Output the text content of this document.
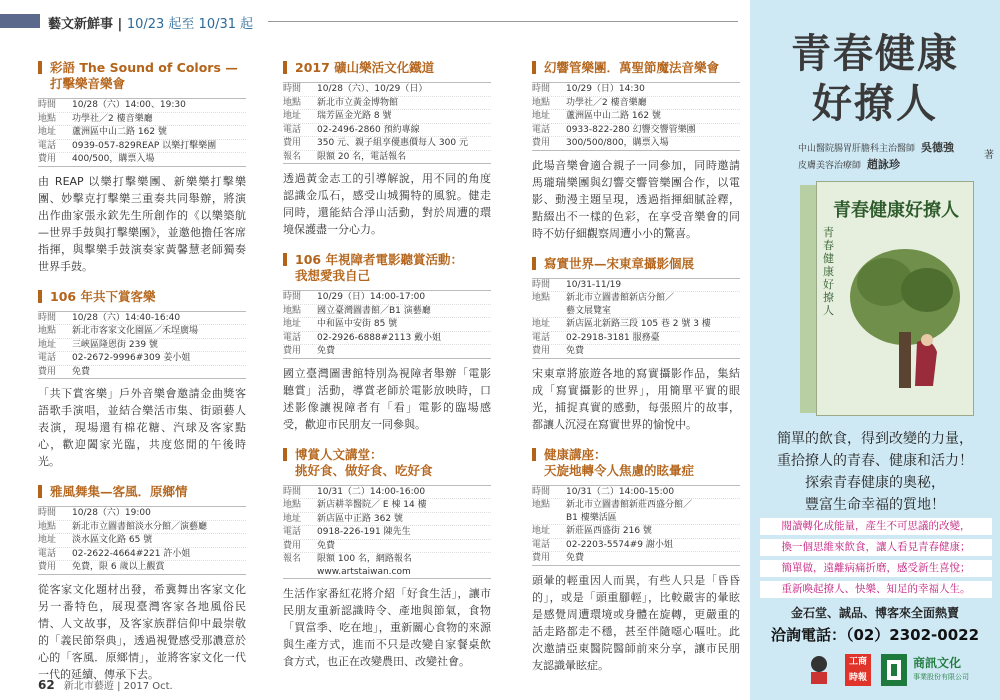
藝文新鮮事 | 10/23 起至 10/31 起
彩語 The Sound of Colors —
打擊樂音樂會
時間	10/28（六）14:00、19:30
地點	功學社／2 樓音樂廳
地址	蘆洲區中山二路 162 號
電話	0939-057-829REAP 以樂打擊樂團
費用	400/500，購票入場
由 REAP 以樂打擊樂團、新樂樂打擊樂團、妙擊克打擊樂三重奏共同舉辦，將演出作曲家張永欽先生所創作的《以樂築航—世界手鼓與打擊樂團》，並邀他擔任客席指揮，與擊樂手鼓演奏家黃馨慧老師獨奏世界手鼓。
106 年共下賞客樂
時間	10/28（六）14:40-16:40
地點	新北市客家文化園區／禾埕廣場
地址	三峽區隆恩街 239 號
電話	02-2672-9996#309 姜小姐
費用	免費
「共下賞客樂」戶外音樂會邀請金曲獎客語歌手演唱，並結合樂活市集、街頭藝人表演，現場還有棉花糖、汽球及客家點心，歡迎闔家光臨，共度悠閒的午後時光。
雅風舞集—客風．原鄉情
時間	10/28（六）19:00
地點	新北市立圖書館淡水分館／演藝廳
地址	淡水區文化路 65 號
電話	02-2622-4664#221 許小姐
費用	免費，限 6 歲以上觀賞
從客家文化題材出發，希冀舞出客家文化另一番特色，展現臺灣客家各地風俗民情、人文故事，及客家族群信仰中最崇敬的「義民節祭典」，透過視覺感受那濃意於心的「客風．原鄉情」，並將客家文化一代一代的延續、傳承下去。
2017 礦山樂活文化鐵道
時間	10/28（六）、10/29（日）
地點	新北市立黃金博物館
地址	瑞芳區金光路 8 號
電話	02-2496-2860 預約專線
費用	350 元、親子組享優惠價每人 300 元
報名	限額 20 名，電話報名
透過黃金志工的引導解說，用不同的角度認識金瓜石，感受山城獨特的風貌。健走同時，還能結合淨山活動，對於周遭的環境保護盡一分心力。
106 年視障者電影聽賞活動：
我想愛我自己
時間	10/29（日）14:00-17:00
地點	國立臺灣圖書館／B1 演藝廳
地址	中和區中安街 85 號
電話	02-2926-6888#2113 戴小姐
費用	免費
國立臺灣圖書館特別為視障者舉辦「電影聽賞」活動，導賞老師於電影放映時，口述影像讓視障者有「看」電影的臨場感受，歡迎市民朋友一同參與。
博賞人文講堂：
挑好食、做好食、吃好食
時間	10/31（二）14:00-16:00
地點	新店耕莘醫院／ E 棟 14 樓
地址	新店區中正路 362 號
電話	0918-226-191 陳先生
費用	免費
報名	限額 100 名，網路報名
www.artstaiwan.com
生活作家番紅花將介紹「好食生活」，讓市民朋友重新認識時令、產地與節氣，食物「買當季、吃在地」，重新關心食物的來源與生產方式，進而不只是改變自家餐桌飲食方式，也正在改變農田、改變社會。
幻響管樂團．萬聖節魔法音樂會
時間	10/29（日）14:30
地點	功學社／2 樓音樂廳
地址	蘆洲區中山二路 162 號
電話	0933-822-280 幻響交響管樂團
費用	300/500/800，購票入場
此場音樂會適合親子一同參加，同時邀請馬瓏瑞樂團與幻響交響管樂團合作，以電影、動漫主題呈現，透過指揮細膩詮釋，點綴出不一樣的色彩，在享受音樂會的同時不妨仔細觀察周遭小小的驚喜。
寫實世界—宋東章攝影個展
時間	10/31-11/19
地點	新北市立圖書館新店分館／
藝文展覽室
地址	新店區北新路三段 105 巷 2 號 3 樓
電話	02-2918-3181 服務臺
費用	免費
宋東章將旅遊各地的寫實攝影作品，集結成「寫實攝影的世界」，用簡單平實的眼光，捕捉真實的感動，每張照片的故事，都讓人沉浸在寫實世界的愉悅中。
健康講座：
天旋地轉令人焦慮的眩暈症
時間	10/31（二）14:00-15:00
地點	新北市立圖書館新莊西盛分館／
B1 樓樂活區
地址	新莊區西盛街 216 號
電話	02-2203-5574#9 謝小姐
費用	免費
頭暈的輕重因人而異，有些人只是「昏昏的」，或是「頭重腳輕」，比較嚴害的暈眩是感覺周遭環境或身體在旋轉，更嚴重的話走路都走不穩，甚至伴隨噁心嘔吐。此次邀請亞東醫院醫師前來分享，讓市民朋友認識暈眩症。
62 新北市藝遊 | 2017 Oct.
青春健康
好撩人
中山醫院腸胃肝膽科主治醫師 吳德強
皮膚美容治療師 趙詠珍
著
青春健康好撩人
青春健康好撩人
簡單的飲食，得到改變的力量，
重拾撩人的青春、健康和活力！
探索青春健康的奧秘，
豐富生命幸福的質地！
閱讀轉化成能量，產生不可思議的改變，
換一個思維來飲食，讓人看見青春健康；
簡單做，遠離病痛折磨，感受新生喜悅；
重新喚起撩人、快樂、知足的幸福人生。
金石堂、誠品、博客來全面熱賣
洽詢電話：（02）2302-0022
工商時報
商訊文化
事業股份有限公司
